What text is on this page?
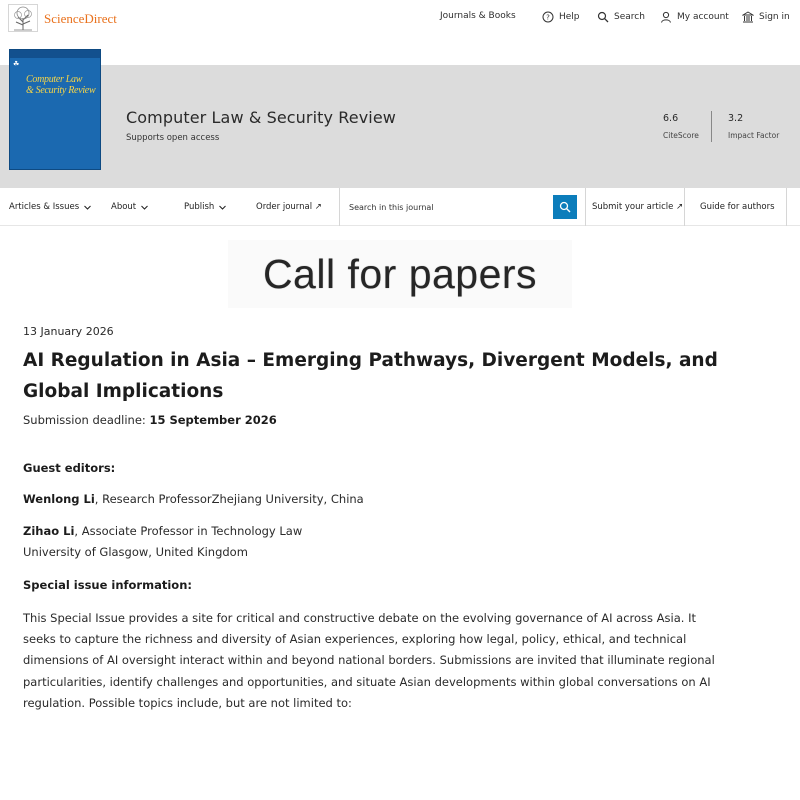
ScienceDirect	Journals & Books	? Help	Search	My account	Sign in
☘
Computer Law
& Security Review
Computer Law & Security Review
Supports open access
6.6
CiteScore
3.2
Impact Factor
Articles & Issues	About	Publish	Order journal ↗
Search in this journal	Submit your article ↗ Guide for authors
Call for papers
13 January 2026
AI Regulation in Asia – Emerging Pathways, Divergent Models, and Global Implications
Submission deadline: 15 September 2026
Guest editors:
Wenlong Li, Research ProfessorZhejiang University, China
Zihao Li, Associate Professor in Technology Law
University of Glasgow, United Kingdom
Special issue information:

This Special Issue provides a site for critical and constructive debate on the evolving governance of AI across Asia. It seeks to capture the richness and diversity of Asian experiences, exploring how legal, policy, ethical, and technical dimensions of AI oversight interact within and beyond national borders. Submissions are invited that illuminate regional particularities, identify challenges and opportunities, and situate Asian developments within global conversations on AI regulation. Possible topics include, but are not limited to:
